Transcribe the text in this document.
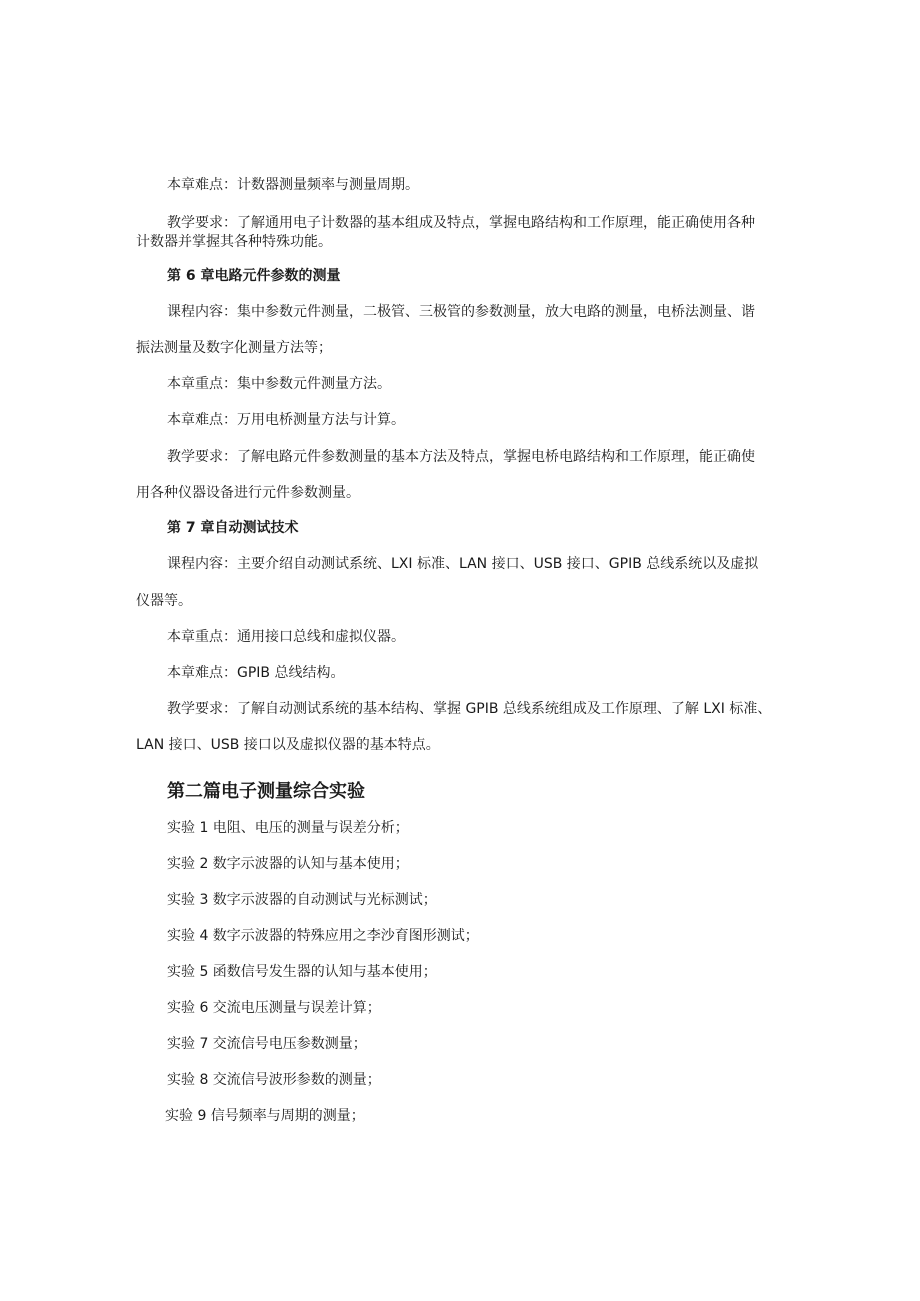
本章难点：计数器测量频率与测量周期。
教学要求：了解通用电子计数器的基本组成及特点，掌握电路结构和工作原理，能正确使用各种
计数器并掌握其各种特殊功能。
第 6 章电路元件参数的测量
课程内容：集中参数元件测量，二极管、三极管的参数测量，放大电路的测量，电桥法测量、谐
振法测量及数字化测量方法等；
本章重点：集中参数元件测量方法。
本章难点：万用电桥测量方法与计算。
教学要求：了解电路元件参数测量的基本方法及特点，掌握电桥电路结构和工作原理，能正确使
用各种仪器设备进行元件参数测量。
第 7 章自动测试技术
课程内容：主要介绍自动测试系统、LXI 标准、LAN 接口、USB 接口、GPIB 总线系统以及虚拟
仪器等。
本章重点：通用接口总线和虚拟仪器。
本章难点：GPIB 总线结构。
教学要求：了解自动测试系统的基本结构、掌握 GPIB 总线系统组成及工作原理、了解 LXI 标准、
LAN 接口、USB 接口以及虚拟仪器的基本特点。
第二篇电子测量综合实验
实验 1 电阻、电压的测量与误差分析；
实验 2 数字示波器的认知与基本使用；
实验 3 数字示波器的自动测试与光标测试；
实验 4 数字示波器的特殊应用之李沙育图形测试；
实验 5 函数信号发生器的认知与基本使用；
实验 6 交流电压测量与误差计算；
实验 7 交流信号电压参数测量；
实验 8 交流信号波形参数的测量；
实验 9 信号频率与周期的测量；
